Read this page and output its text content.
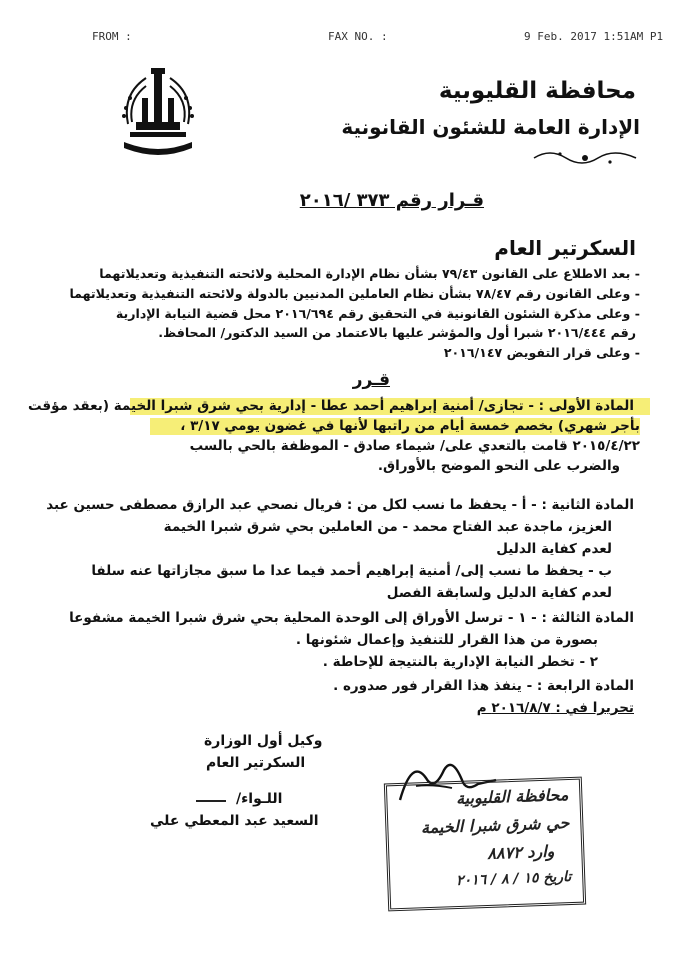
FROM :	FAX NO. :	9 Feb. 2017 1:51AM P1
محافظة القليوبية
الإدارة العامة للشئون القانونية
قـرار رقم ٣٧٣ /٢٠١٦
السكرتير العام
- بعد الاطلاع على القانون ٧٩/٤٣ بشأن نظام الإدارة المحلية ولائحته التنفيذية وتعديلاتهما
- وعلى القانون رقم ٧٨/٤٧ بشأن نظام العاملين المدنيين بالدولة ولائحته التنفيذية وتعديلاتهما
- وعلى مذكرة الشئون القانونية في التحقيق رقم ٢٠١٦/٦٩٤ محل قضية النيابة الإدارية
رقم ٢٠١٦/٤٤٤ شبرا أول والمؤشر عليها بالاعتماد من السيد الدكتور/ المحافظ.
- وعلى قرار التفويض ٢٠١٦/١٤٧
قـرر
المادة الأولى : - تجازى/ أمنية إبراهيم أحمد عطا - إدارية بحي شرق شبرا الخيمة (بعقد مؤقت
بأجر شهري) بخصم خمسة أيام من راتبها لأنها في غضون يومي ٣/١٧ ،
٢٠١٥/٤/٢٢ قامت بالتعدي على/ شيماء صادق - الموظفة بالحي بالسب
والضرب على النحو الموضح بالأوراق.
المادة الثانية : - أ - يحفظ ما نسب لكل من : فريال نصحي عبد الرازق مصطفى حسين عبد
العزيز، ماجدة عبد الفتاح محمد - من العاملين بحي شرق شبرا الخيمة
لعدم كفاية الدليل
ب - يحفظ ما نسب إلى/ أمنية إبراهيم أحمد فيما عدا ما سبق مجازاتها عنه سلفا
لعدم كفاية الدليل ولسابقة الفصل
المادة الثالثة : - ١ - ترسل الأوراق إلى الوحدة المحلية بحي شرق شبرا الخيمة مشفوعا
بصورة من هذا القرار للتنفيذ وإعمال شئونها .
٢ - تخطر النيابة الإدارية بالنتيجة للإحاطة .
المادة الرابعة : - ينفذ هذا القرار فور صدوره .
تحريرا في : ٢٠١٦/٨/٧ م
وكيل أول الوزارة
السكرتير العام
اللـواء/
السعيد عبد المعطي علي
محافظة القليوبية
حي شرق شبرا الخيمة
وارد ٨٨٧٢
تاريخ ١٥ / ٨ / ٢٠١٦
